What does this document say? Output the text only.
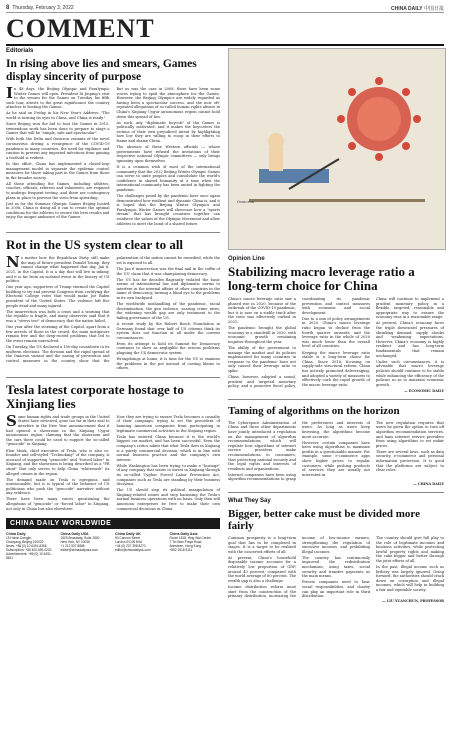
8 Thursday, February 3, 2022	CHINA DAILY 中国日报
COMMENT
Editorials
In rising above lies and smears, Games display sincerity of purpose

In 48 days, the Beijing Olympic and Paralympic Winter Games will open. President Xi Jinping's visit to the venues for the Games on Tuesday, his fifth such tour, attests to the great significance the country attaches to hosting the Games.

As he said on Friday in his New Year's Address: "The world is turning its eyes to China, and China is ready."

Since Beijing won the bid to host the Games in 2015, tremendous work has been done to prepare to stage a Games that will be "simple, safe and spectacular".

With both the Delta and Omicron variants of the novel coronavirus driving a resurgence of the COVID-19 pandemic in many countries, the need for vigilance and caution to prevent any imported infections from gaining a foothold is evident.

In this effort, China has implemented a closed-loop management model to separate the epidemic control measures for those taking part in the Games from those in the broader society.

All those attending the Games, including athletes, coaches, officials, referees and volunteers, are required to undergo frequent testing, and there are contingency plans in place to prevent the virus from spreading.

Just as for the Summer Olympic Games Beijing hosted in 2008, China is doing all it can to create the optimal conditions for the athletes to secure the best results and enjoy the unique ambience of the Games.

But as was the case in 2008, there have been some voices trying to spoil the atmosphere for the Games. However, the Beijing Olympics are widely regarded as having been a spectacular success, and the now oft-repeated allegations of so-called human rights abuses in China's Xinjiang Uygur autonomous region cannot hold down this spread of lies.

As such, any "diplomatic boycott" of the Games is politically motivated, and it makes the boycotters the victims of their own prejudiced intent by highlighting how low they are willing to stoop in their efforts to frame and shame China.

The absence of these Western officials — whose governments have refused the invitations of their respective national Olympic committees — only brings ignominy upon themselves.

It is a common wish of most of the international community that the 2022 Beijing Winter Olympic Games can serve to unite peoples and consolidate the world's confidence in shared humanity at a time when the international community has been united in fighting the pandemic.

The challenges posed by the pandemic have once again demonstrated how resilient and dynamic China is, and it is hoped that the Beijing Winter Olympics and Paralympic Winter Games will showcase how a "sports dream" that has brought countries together can reinforce the values of the Olympic Movement and allow athletes to meet the bond of a shared future.

Rot in the US system clear to all

No matter how the Republican Party still make the map of future president Donald Trump, they cannot change what happened that day, Jan 6, 2021, in the Capitol. It is a day that will live in infamy, and it is far from an isolated event in the history of US politics.

One year ago, supporters of Trump stormed the Capitol building to try and prevent Congress from certifying the Electoral College votes that would make Joe Biden president of the United States. The violence left five people dead and many injured.

The insurrection was both a crisis and a warning that the republic is fragile, and many observers said that it was a "stress test" of democracy that the nation failed.

One year after the storming of the Capitol, apart from a few arrests of those in the crowd, the main instigators remain free and the deep-rooted problems that led to the event remain unresolved.

On Tuesday, the US declared a 100-day countdown to its midterm elections. The division and the rapid spread of the Omicron variant and the easing of prevention and control measures in the country show that the polarization of the nation cannot be remedied, while the rot is exposed to all.

The Jan 6 insurrection was the final nail in the coffin of the US' claim that it was championing democracy.

The US has for decades flagrantly violated the basic norms of international law and diplomatic norms to interfere in the internal affairs of other countries in the name of democracy, turning a blind eye to the problems in its own backyard.

The worldwide mishandling of the pandemic, racial discrimination, the gun violence, soaring crime rates, the widening wealth gap are only testament to the failing governance of the US.

A recent study by the Robert Bosch Foundation in Germany found that over half of US citizens think its system does not function at all under the current circumstances.

Even its attempt to hold its Summit for Democracy continues to show as negligible the serious problems plaguing the US democratic system.

Wrongdoings at home, it is time for the US to examine the problems in the pot instead of casting blame to others.

Tesla latest corporate hostage to Xinjiang lies

Some human rights and trade groups in the United States have reviewed, gone too far in their zeal to interfere in the New Year announcement that it had opened a showroom in the Xinjiang Uygur autonomous region, claiming that the showroom and the cars there could be used to support the so-called "genocide" in Xinjiang.

Elon Musk, chief executive of Tesla, who is also co-founder and self-styled "Technoking" of the company, is accused of supporting "genocide" and "forced labor" in Xinjiang, and the showroom is being described as a "PR stunt" that only serves to help China "whitewash" its alleged crimes in the region.

The demand made on Tesla is egregious, and unreasonable, but it is typical of the behavior of US politicians who push the "genocide" narrative without any evidence.

There have been many voices questioning the allegations of "genocide" or "forced labor" in Xinjiang, not only in China but also elsewhere.

Now they are trying to ensure Tesla becomes a casualty of their campaign, trying to set the precedent of banning American companies from participating in legitimate commercial activities in the Xinjiang region.

Tesla has entered China because it is the world's biggest car market, and has been successful. Even the company's critics admit that what Tesla does in Xinjiang is a purely commercial decision, which is in line with normal business practice and the company's own interest.

While Washington has been trying to make a "hostage" of any company that wants to invest in Xinjiang through its so-called Uyghur Forced Labor Prevention Act, companies such as Tesla are standing by their business decisions.

The US should stop its political manipulation of Xinjiang-related issues and stop harassing the Tesla's normal business operations with no basis. Only then will American enterprises be free to make their own commercial decisions in China.

CHINA DAILY WORLDWIDE
China Daily
15 Huixin Dongjie,
Chaoyang, Beijing 100029
News: +86 (0) 10 6491-8366
Subscription: +86 400-699-0203
Advertisement: +86 (0) 10 6491-8631
China Daily USA
1500 Broadway, Suite 2800
New York, NY 10036
+1 212 537 8888
editor@chinadailyusa.com
China Daily UK
90 Cannon Street
London EC4N 6HA
+44 (0) 207 398 8270
editor@chinadailyuk.com
China Daily Asia
Room 1818, Hing Wai Centre
7 Tin Wan Praya Road
Aberdeen, Hong Kong
+852 2518 5111
Omicron
Opinion Line
Stabilizing macro leverage ratio a long-term choice for China

China's macro leverage ratio saw a phased rise in 2020, because of the outbreak of the COVID-19 pandemic, but it is now on a stable track after the ratio was effectively curbed in 2021.

The pandemic brought the global economy to a standstill in 2020, with economic growth remaining negative throughout the year.

The ability of the government to manage the market and its policies implemented for many countries in response to the pandemic have not only caused their leverage ratio to spike.

China, however, adopted a sound, prudent and targeted monetary policy, and a proactive fiscal policy, coordinating its pandemic prevention and control measures with economic and social development.

Due to a mix of policy arrangements in 2020, China's macro leverage ratio began to decline from the fourth quarter onwards, and the leverage ratio in the whole of 2020 was much lower than the overall level of all countries.

Keeping the macro leverage ratio stable is a long-term choice for China. Since 2016, focusing on supply-side structural reform, China has actively promoted deleveraging, and adopted a variety of measures to effectively curb the rapid growth of the macro leverage ratio.

China will continue to implement a prudent monetary policy in a flexible, targeted, reasonable and appropriate way to ensure the economy runs in a reasonable range.

At present, China's economy faces the triple downward pressures of shrinking demand, supply shocks and weakening expectations. However, China's economy is highly resilient and has long-term fundamentals that remain unchanged.

Under such circumstances, it is advisable that macro leverage policies should continue to be stable while enhancing the efficiency of the policies so as to maintain economic growth.

— ECONOMIC DAILY
Taming of algorithms on the horizon

The Cyberspace Administration of China and three other departments have jointly introduced a regulation on the management of algorithm recommendations, which will regulate how algorithms of internet service providers make recommendations to consumers, thus protecting national security and the legal rights and interests of residents and organizations.

Internet companies have been using algorithm recommendations to grasp the preferences and interests of users. As long as users keep browsing, the algorithms become more accurate.

However, certain companies have been using algorithms to maximize profits in a questionable manner. For example, some e-commerce apps show higher prices to regular customers, while pushing products of services they are usually not interested in.

The new regulation requires that users be given the option to turn off algorithm recommendation services, and bans internet service providers from using algorithms to set unfair prices.

There are several laws, such as data security, e-commerce and personal information protection. It is good that the platforms are subject to clear rules.

— CHINA DAILY
What They Say
Bigger, better cake must be divided more fairly

Common prosperity is a long-term goal that has to be completed in stages. It is a target to be realized with the concerted efforts of all.

At present, China's household disposable income accounts for a relatively low proportion of GDP, around 43 percent, compared with the world average of 60 percent. The wealth gap is also a challenge.

Income distribution reform must start from the construction of the primary distribution, increasing the income of low-income earners, strengthening the regulation of excessive incomes, and prohibiting illegal incomes.

The country has continuously improved the redistribution mechanism, using taxes, social security and transfer payments as the main means.

Private companies need to bear social responsibilities, and charity can play an important role in third distribution.

The country should give full play to the role of legitimate incomes and business activities, while protecting lawful property rights and making the cake bigger and better through the joint efforts of all.

In the past, illegal income such as bribery was largely ignored. Going forward, the authorities should crack down on corruption and illegal incomes, which will help in building a fair and equitable society.

— LIU YUANCHUN, PROFESSOR
